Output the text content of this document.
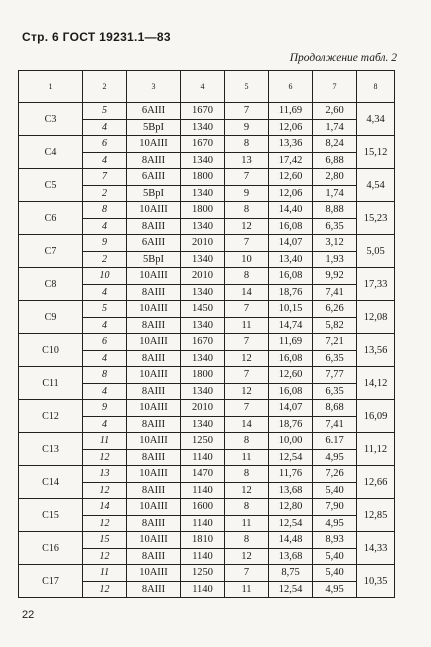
Стр. 6 ГОСТ 19231.1—83
Продолжение табл. 2
1	2	3	4	5	6	7	8
С3	5	6АIII	1670	7	11,69	2,60	4,34
	4	5ВрI	1340	9	12,06	1,74	
С4	6	10АIII	1670	8	13,36	8,24	15,12
	4	8АIII	1340	13	17,42	6,88	
С5	7	6АIII	1800	7	12,60	2,80	4,54
	2	5ВрI	1340	9	12,06	1,74	
С6	8	10АIII	1800	8	14,40	8,88	15,23
	4	8АIII	1340	12	16,08	6,35	
С7	9	6АIII	2010	7	14,07	3,12	5,05
	2	5ВрI	1340	10	13,40	1,93	
С8	10	10АIII	2010	8	16,08	9,92	17,33
	4	8АIII	1340	14	18,76	7,41	
С9	5	10АIII	1450	7	10,15	6,26	12,08
	4	8АIII	1340	11	14,74	5,82	
С10	6	10АIII	1670	7	11,69	7,21	13,56
	4	8АIII	1340	12	16,08	6,35	
С11	8	10АIII	1800	7	12,60	7,77	14,12
	4	8АIII	1340	12	16,08	6,35	
С12	9	10АIII	2010	7	14,07	8,68	16,09
	4	8АIII	1340	14	18,76	7,41	
С13	11	10АIII	1250	8	10,00	6.17	11,12
	12	8АIII	1140	11	12,54	4,95	
С14	13	10АIII	1470	8	11,76	7,26	12,66
	12	8АIII	1140	12	13,68	5,40	
С15	14	10АIII	1600	8	12,80	7,90	12,85
	12	8АIII	1140	11	12,54	4,95	
С16	15	10АIII	1810	8	14,48	8,93	14,33
	12	8АIII	1140	12	13,68	5,40	
С17	11	10АIII	1250	7	8,75	5,40	10,35
	12	8АIII	1140	11	12,54	4,95	
22
